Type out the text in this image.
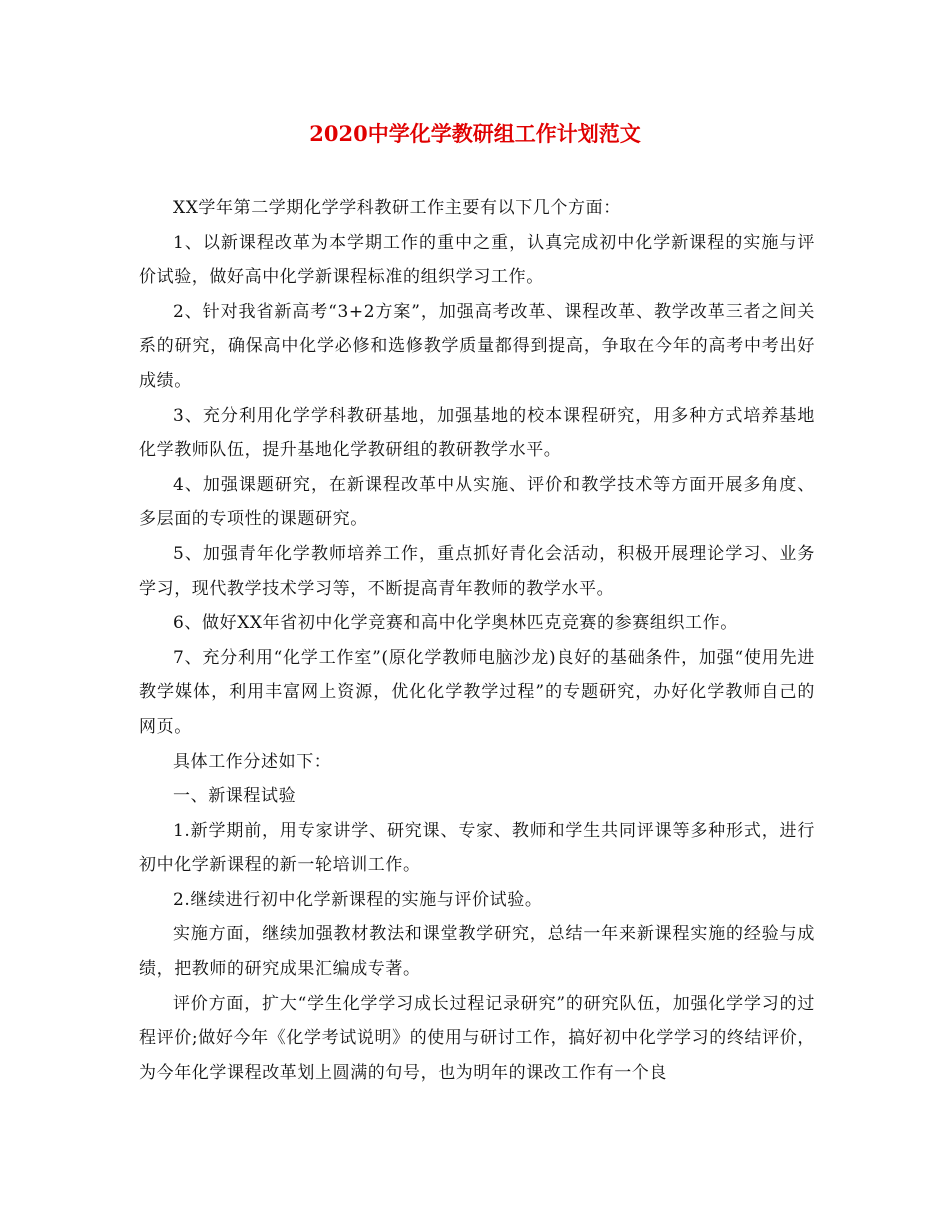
2020中学化学教研组工作计划范文

XX学年第二学期化学学科教研工作主要有以下几个方面：

1、以新课程改革为本学期工作的重中之重，认真完成初中化学新课程的实施与评价试验，做好高中化学新课程标准的组织学习工作。

2、针对我省新高考“3+2方案”，加强高考改革、课程改革、教学改革三者之间关系的研究，确保高中化学必修和选修教学质量都得到提高，争取在今年的高考中考出好成绩。

3、充分利用化学学科教研基地，加强基地的校本课程研究，用多种方式培养基地化学教师队伍，提升基地化学教研组的教研教学水平。

4、加强课题研究，在新课程改革中从实施、评价和教学技术等方面开展多角度、多层面的专项性的课题研究。

5、加强青年化学教师培养工作，重点抓好青化会活动，积极开展理论学习、业务学习，现代教学技术学习等，不断提高青年教师的教学水平。

6、做好XX年省初中化学竞赛和高中化学奥林匹克竞赛的参赛组织工作。

7、充分利用“化学工作室”(原化学教师电脑沙龙)良好的基础条件，加强“使用先进教学媒体，利用丰富网上资源，优化化学教学过程”的专题研究，办好化学教师自己的网页。

具体工作分述如下：

一、新课程试验

1.新学期前，用专家讲学、研究课、专家、教师和学生共同评课等多种形式，进行初中化学新课程的新一轮培训工作。

2.继续进行初中化学新课程的实施与评价试验。

实施方面，继续加强教材教法和课堂教学研究，总结一年来新课程实施的经验与成绩，把教师的研究成果汇编成专著。

评价方面，扩大“学生化学学习成长过程记录研究”的研究队伍，加强化学学习的过程评价;做好今年《化学考试说明》的使用与研讨工作，搞好初中化学学习的终结评价，为今年化学课程改革划上圆满的句号，也为明年的课改工作有一个良
